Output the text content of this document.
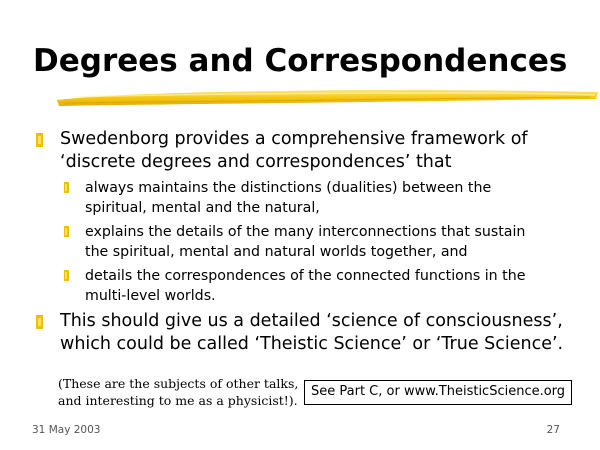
Degrees and Correspondences
Swedenborg provides a comprehensive framework of
‘discrete degrees and correspondences’ that
always maintains the distinctions (dualities) between the
spiritual, mental and the natural,
explains the details of the many interconnections that sustain
the spiritual, mental and natural worlds together, and
details the correspondences of the connected functions in the
multi-level worlds.
This should give us a detailed ‘science of consciousness’,
which could be called ‘Theistic Science’ or ‘True Science’.
(These are the subjects of other talks,
and interesting to me as a physicist!).
See Part C, or www.TheisticScience.org
31 May 2003	27
